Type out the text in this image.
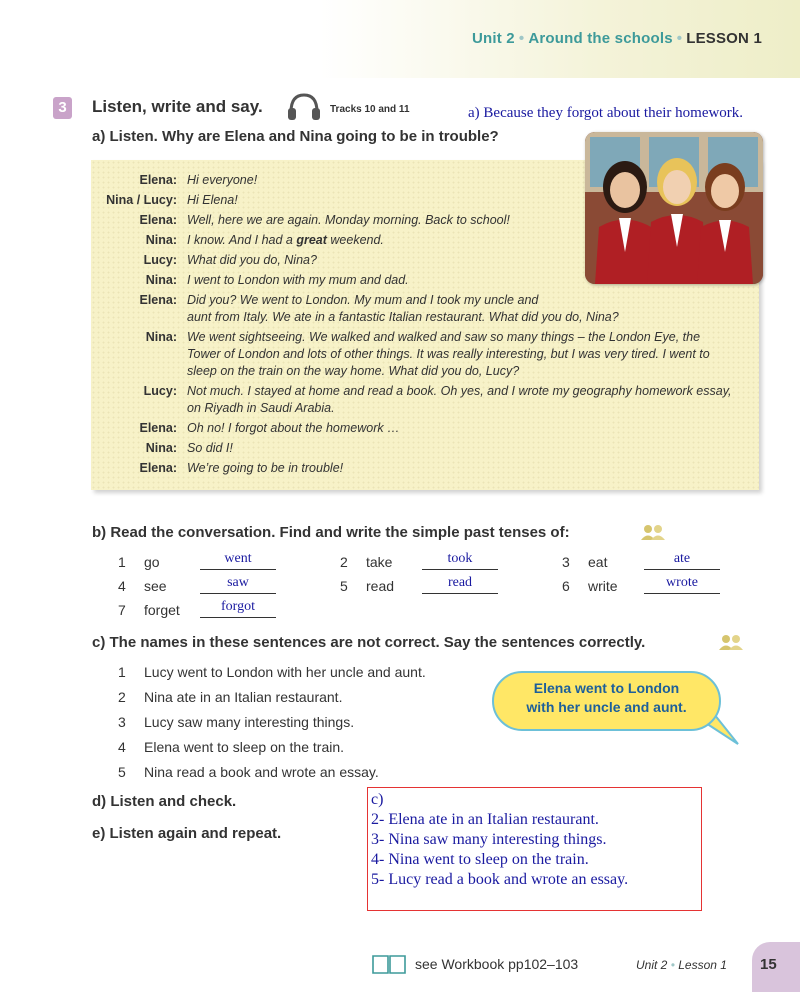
Unit 2 • Around the schools • LESSON 1
3	Listen, write and say.	Tracks 10 and 11	a) Because they forgot about their homework.
a) Listen. Why are Elena and Nina going to be in trouble?
Elena: Hi everyone!
Nina / Lucy: Hi Elena!
Elena: Well, here we are again. Monday morning. Back to school!
Nina: I know. And I had a great weekend.
Lucy: What did you do, Nina?
Nina: I went to London with my mum and dad.
Elena: Did you? We went to London. My mum and I took my uncle and
aunt from Italy. We ate in a fantastic Italian restaurant. What did you do, Nina?
Nina: We went sightseeing. We walked and walked and saw so many things – the London Eye, the
Tower of London and lots of other things. It was really interesting, but I was very tired. I went to
sleep on the train on the way home. What did you do, Lucy?
Lucy: Not much. I stayed at home and read a book. Oh yes, and I wrote my geography homework essay,
on Riyadh in Saudi Arabia.
Elena: Oh no! I forgot about the homework …
Nina: So did I!
Elena: We’re going to be in trouble!
b) Read the conversation. Find and write the simple past tenses of:
1 go	went	2 take	took	3 eat	ate
4 see	saw	5 read	read	6 write	wrote
7 forget	forgot
c) The names in these sentences are not correct. Say the sentences correctly.
1 Lucy went to London with her uncle and aunt.
2 Nina ate in an Italian restaurant.
3 Lucy saw many interesting things.
4 Elena went to sleep on the train.
5 Nina read a book and wrote an essay.
Elena went to London
with her uncle and aunt.
d) Listen and check.
e) Listen again and repeat.
c)
2- Elena ate in an Italian restaurant.
3- Nina saw many interesting things.
4- Nina went to sleep on the train.
5- Lucy read a book and wrote an essay.
see Workbook pp102–103	Unit 2 • Lesson 1 15
